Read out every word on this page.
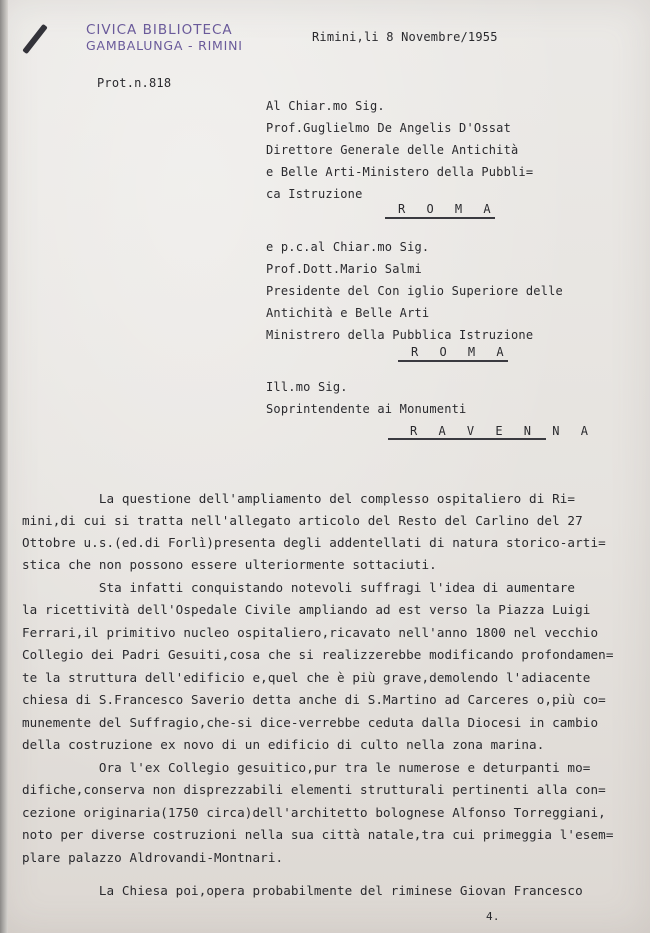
CIVICA BIBLIOTECA
GAMBALUNGA - RIMINI
Rimini,li 8 Novembre/1955
Prot.n.818
Al Chiar.mo Sig.
Prof.Guglielmo De Angelis D'Ossat
Direttore Generale delle Antichità
e Belle Arti-Ministero della Pubbli=
ca Istruzione
R O M A
e p.c.al Chiar.mo Sig.
Prof.Dott.Mario Salmi
Presidente del Con iglio Superiore delle
Antichità e Belle Arti
Ministrero della Pubblica Istruzione
R O M A
Ill.mo Sig.
Soprintendente ai Monumenti
R A V E N N A
La questione dell'ampliamento del complesso ospitaliero di Ri=
mini,di cui si tratta nell'allegato articolo del Resto del Carlino del 27
Ottobre u.s.(ed.di Forlì)presenta degli addentellati di natura storico-arti=
stica che non possono essere ulteriormente sottaciuti.
Sta infatti conquistando notevoli suffragi l'idea di aumentare
la ricettività dell'Ospedale Civile ampliando ad est verso la Piazza Luigi
Ferrari,il primitivo nucleo ospitaliero,ricavato nell'anno 1800 nel vecchio
Collegio dei Padri Gesuiti,cosa che si realizzerebbe modificando profondamen=
te la struttura dell'edificio e,quel che è più grave,demolendo l'adiacente
chiesa di S.Francesco Saverio detta anche di S.Martino ad Carceres o,più co=
munemente del Suffragio,che-si dice-verrebbe ceduta dalla Diocesi in cambio
della costruzione ex novo di un edificio di culto nella zona marina.
Ora l'ex Collegio gesuitico,pur tra le numerose e deturpanti mo=
difiche,conserva non disprezzabili elementi strutturali pertinenti alla con=
cezione originaria(1750 circa)dell'architetto bolognese Alfonso Torreggiani,
noto per diverse costruzioni nella sua città natale,tra cui primeggia l'esem=
plare palazzo Aldrovandi-Montnari.
La Chiesa poi,opera probabilmente del riminese Giovan Francesco
4.
